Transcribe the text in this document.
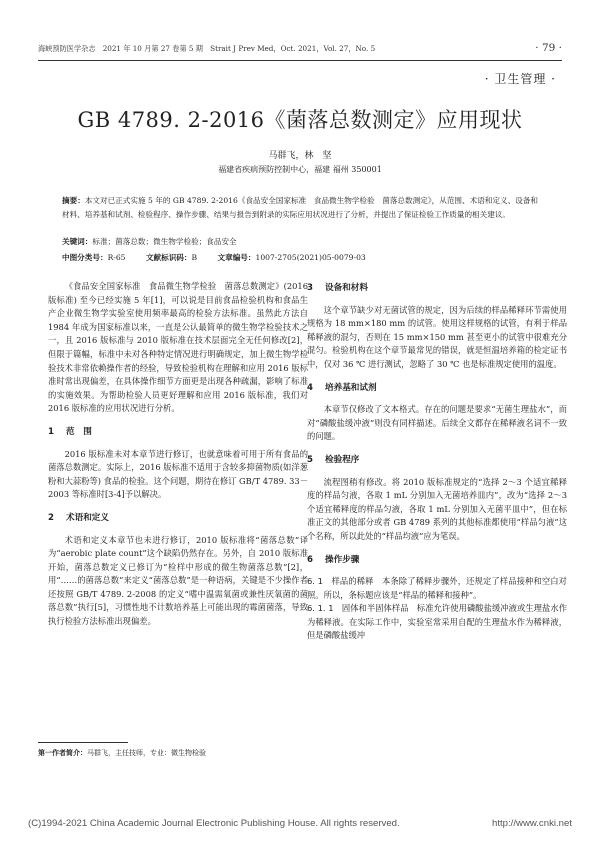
海峡预防医学杂志　2021 年 10 月第 27 卷第 5 期　Strait J Prev Med，Oct. 2021，Vol. 27，No. 5	· 79 ·
· 卫生管理 ·
GB 4789. 2-2016《菌落总数测定》应用现状
马群飞，林　坚
福建省疾病预防控制中心，福建 福州 350001
摘要：本文对已正式实施 5 年的 GB 4789. 2-2016《食品安全国家标准　食品微生物学检验　菌落总数测定》，从范围、术语和定义、设备和材料、培养基和试剂、检验程序、操作步骤、结果与报告到附录的实际应用状况进行了分析，并提出了保证检验工作质量的相关建议。
关键词：标准；菌落总数；微生物学检验；食品安全
中图分类号：R-65	文献标识码：B	文章编号：1007-2705(2021)05-0079-03

《食品安全国家标准　食品微生物学检验　菌落总数测定》(2016 版标准) 至今已经实施 5 年[1]，可以说是目前食品检验机构和食品生产企业微生物学实验室使用频率最高的检验方法标准。虽然此方法自 1984 年成为国家标准以来，一直是公认最简单的微生物学检验技术之一，且 2016 版标准与 2010 版标准在技术层面完全无任何修改[2]，但限于篇幅，标准中未对各种特定情况进行明确规定，加上微生物学检验技术非常依赖操作者的经验，导致检验机构在理解和应用 2016 版标准时常出现偏差，在具体操作细节方面更是出现各种疏漏，影响了标准的实施效果。为帮助检验人员更好理解和应用 2016 版标准，我们对 2016 版标准的应用状况进行分析。

1 范　围

2016 版标准未对本章节进行修订，也就意味着可用于所有食品的菌落总数测定。实际上，2016 版标准不适用于含较多抑菌物质(如洋葱粉和大蒜粉等) 食品的检验。这个问题，期待在修订 GB/T 4789. 33－2003 等标准时[3-4]予以解决。

2 术语和定义

术语和定义本章节也未进行修订，2010 版标准将“菌落总数”译为“aerobic plate count”这个缺陷仍然存在。另外，自 2010 版标准开始，菌落总数定义已修订为“检样中形成的微生物菌落总数”[2]，用“……的菌落总数”来定义“菌落总数”是一种语病，关键是不少操作者还按照 GB/T 4789. 2-2008 的定义“嗜中温需氧菌或兼性厌氧菌的菌落总数”执行[5]，习惯性地不计数培养基上可能出现的霉菌菌落，导致执行检验方法标准出现偏差。

3 设备和材料

这个章节缺少对无菌试管的规定，因为后续的样品稀释环节需使用规格为 18 mm×180 mm 的试管。使用这样规格的试管，有利于样品稀释液的混匀，否则在 15 mm×150 mm 甚至更小的试管中很难充分混匀。检验机构在这个章节最常见的错误，就是恒温培养箱的检定证书中，仅对 36 ℃ 进行测试，忽略了 30 ℃ 也是标准规定使用的温度。

4 培养基和试剂

本章节仅修改了文本格式。存在的问题是要求“无菌生理盐水”，而对“磷酸盐缓冲液”则没有同样描述。后续全文都存在稀释液名词不一致的问题。

5 检验程序

流程图稍有修改。将 2010 版标准规定的“选择 2～3 个适宜稀释度的样品匀液，各取 1 mL 分别加入无菌培养皿内”，改为“选择 2～3 个适宜稀释度的样品匀液，各取 1 mL 分别加入无菌平皿中”，但在标准正文的其他部分或者 GB 4789 系列的其他标准都使用“样品匀液”这个名称，所以此处的“样品均液”应为笔误。

6 操作步骤

6. 1　样品的稀释　本条除了稀释步骤外，还规定了样品接种和空白对照。所以，条标题应该是“样品的稀释和接种”。

6. 1. 1　固体和半固体样品　标准允许使用磷酸盐缓冲液或生理盐水作为稀释液。在实际工作中，实验室常采用自配的生理盐水作为稀释液，但是磷酸盐缓冲

第一作者简介：马群飞，主任技师，专业：微生物检验
(C)1994-2021 China Academic Journal Electronic Publishing House. All rights reserved.	http://www.cnki.net
